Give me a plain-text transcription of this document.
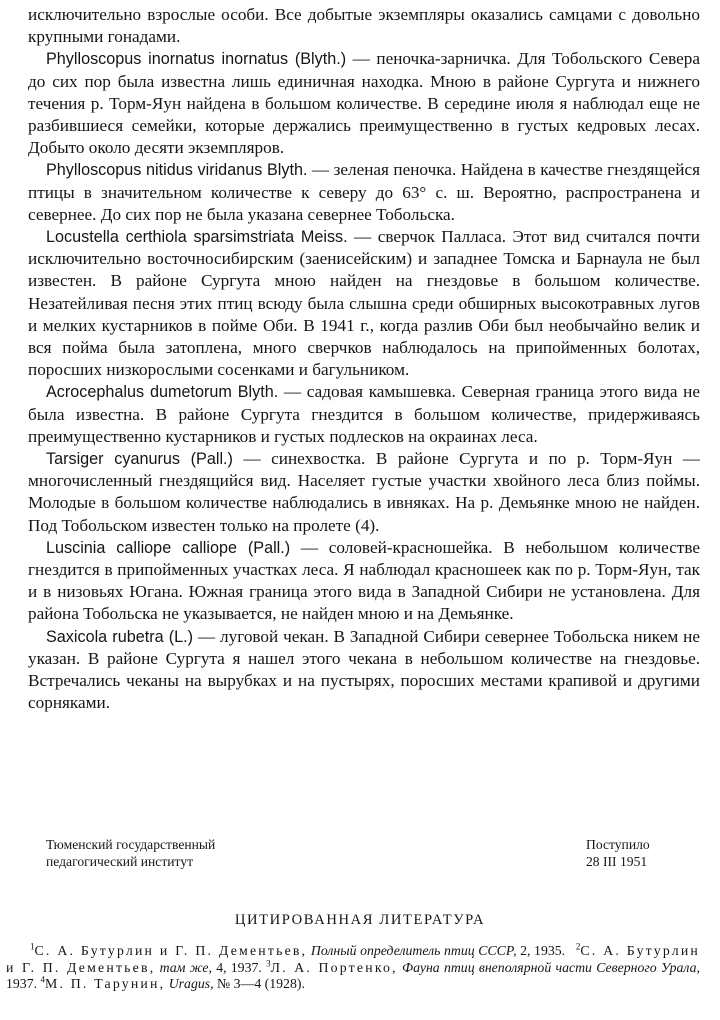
исключительно взрослые особи. Все добытые экземпляры оказались самцами с довольно крупными гонадами.

Phylloscopus inornatus inornatus (Blyth.) — пеночка-зарничка. Для Тобольского Севера до сих пор была известна лишь единичная находка. Мною в районе Сургута и нижнего течения р. Торм-Яун найдена в большом количестве. В середине июля я наблюдал еще не разбившиеся семейки, которые держались преимущественно в густых кедровых лесах. Добыто около десяти экземпляров.

Phylloscopus nitidus viridanus Blyth. — зеленая пеночка. Найдена в качестве гнездящейся птицы в значительном количестве к северу до 63° с. ш. Вероятно, распространена и севернее. До сих пор не была указана севернее Тобольска.

Locustella certhiola sparsimstriata Meiss. — сверчок Палласа. Этот вид считался почти исключительно восточносибирским (заенисейским) и западнее Томска и Барнаула не был известен. В районе Сургута мною найден на гнездовье в большом количестве. Незатейливая песня этих птиц всюду была слышна среди обширных высокотравных лугов и мелких кустарников в пойме Оби. В 1941 г., когда разлив Оби был необычайно велик и вся пойма была затоплена, много сверчков наблюдалось на припойменных болотах, поросших низкорослыми сосенками и багульником.

Acrocephalus dumetorum Blyth. — садовая камышевка. Северная граница этого вида не была известна. В районе Сургута гнездится в большом количестве, придерживаясь преимущественно кустарников и густых подлесков на окраинах леса.

Tarsiger cyanurus (Pall.) — синехвостка. В районе Сургута и по р. Торм-Яун — многочисленный гнездящийся вид. Населяет густые участки хвойного леса близ поймы. Молодые в большом количестве наблюдались в ивняках. На р. Демьянке мною не найден. Под Тобольском известен только на пролете (4).

Luscinia calliope calliope (Pall.) — соловей-красношейка. В небольшом количестве гнездится в припойменных участках леса. Я наблюдал красношеек как по р. Торм-Яун, так и в низовьях Югана. Южная граница этого вида в Западной Сибири не установлена. Для района Тобольска не указывается, не найден мною и на Демьянке.

Saxicola rubetra (L.) — луговой чекан. В Западной Сибири севернее Тобольска никем не указан. В районе Сургута я нашел этого чекана в небольшом количестве на гнездовье. Встречались чеканы на вырубках и на пустырях, поросших местами крапивой и другими сорняками.

Тюменский государственный
педагогический институт
Поступило
28 III 1951
ЦИТИРОВАННАЯ ЛИТЕРАТУРА

$^1$С. А. Бутурлин и Г. П. Дементьев, Полный определитель птиц СССР, 2, 1935. $^2$С. А. Бутурлин и Г. П. Дементьев, там же, 4, 1937. $^3$Л. А. Портенко, Фауна птиц внеполярной части Северного Урала, 1937. $^4$М. П. Тарунин, Uragus, № 3—4 (1928).
